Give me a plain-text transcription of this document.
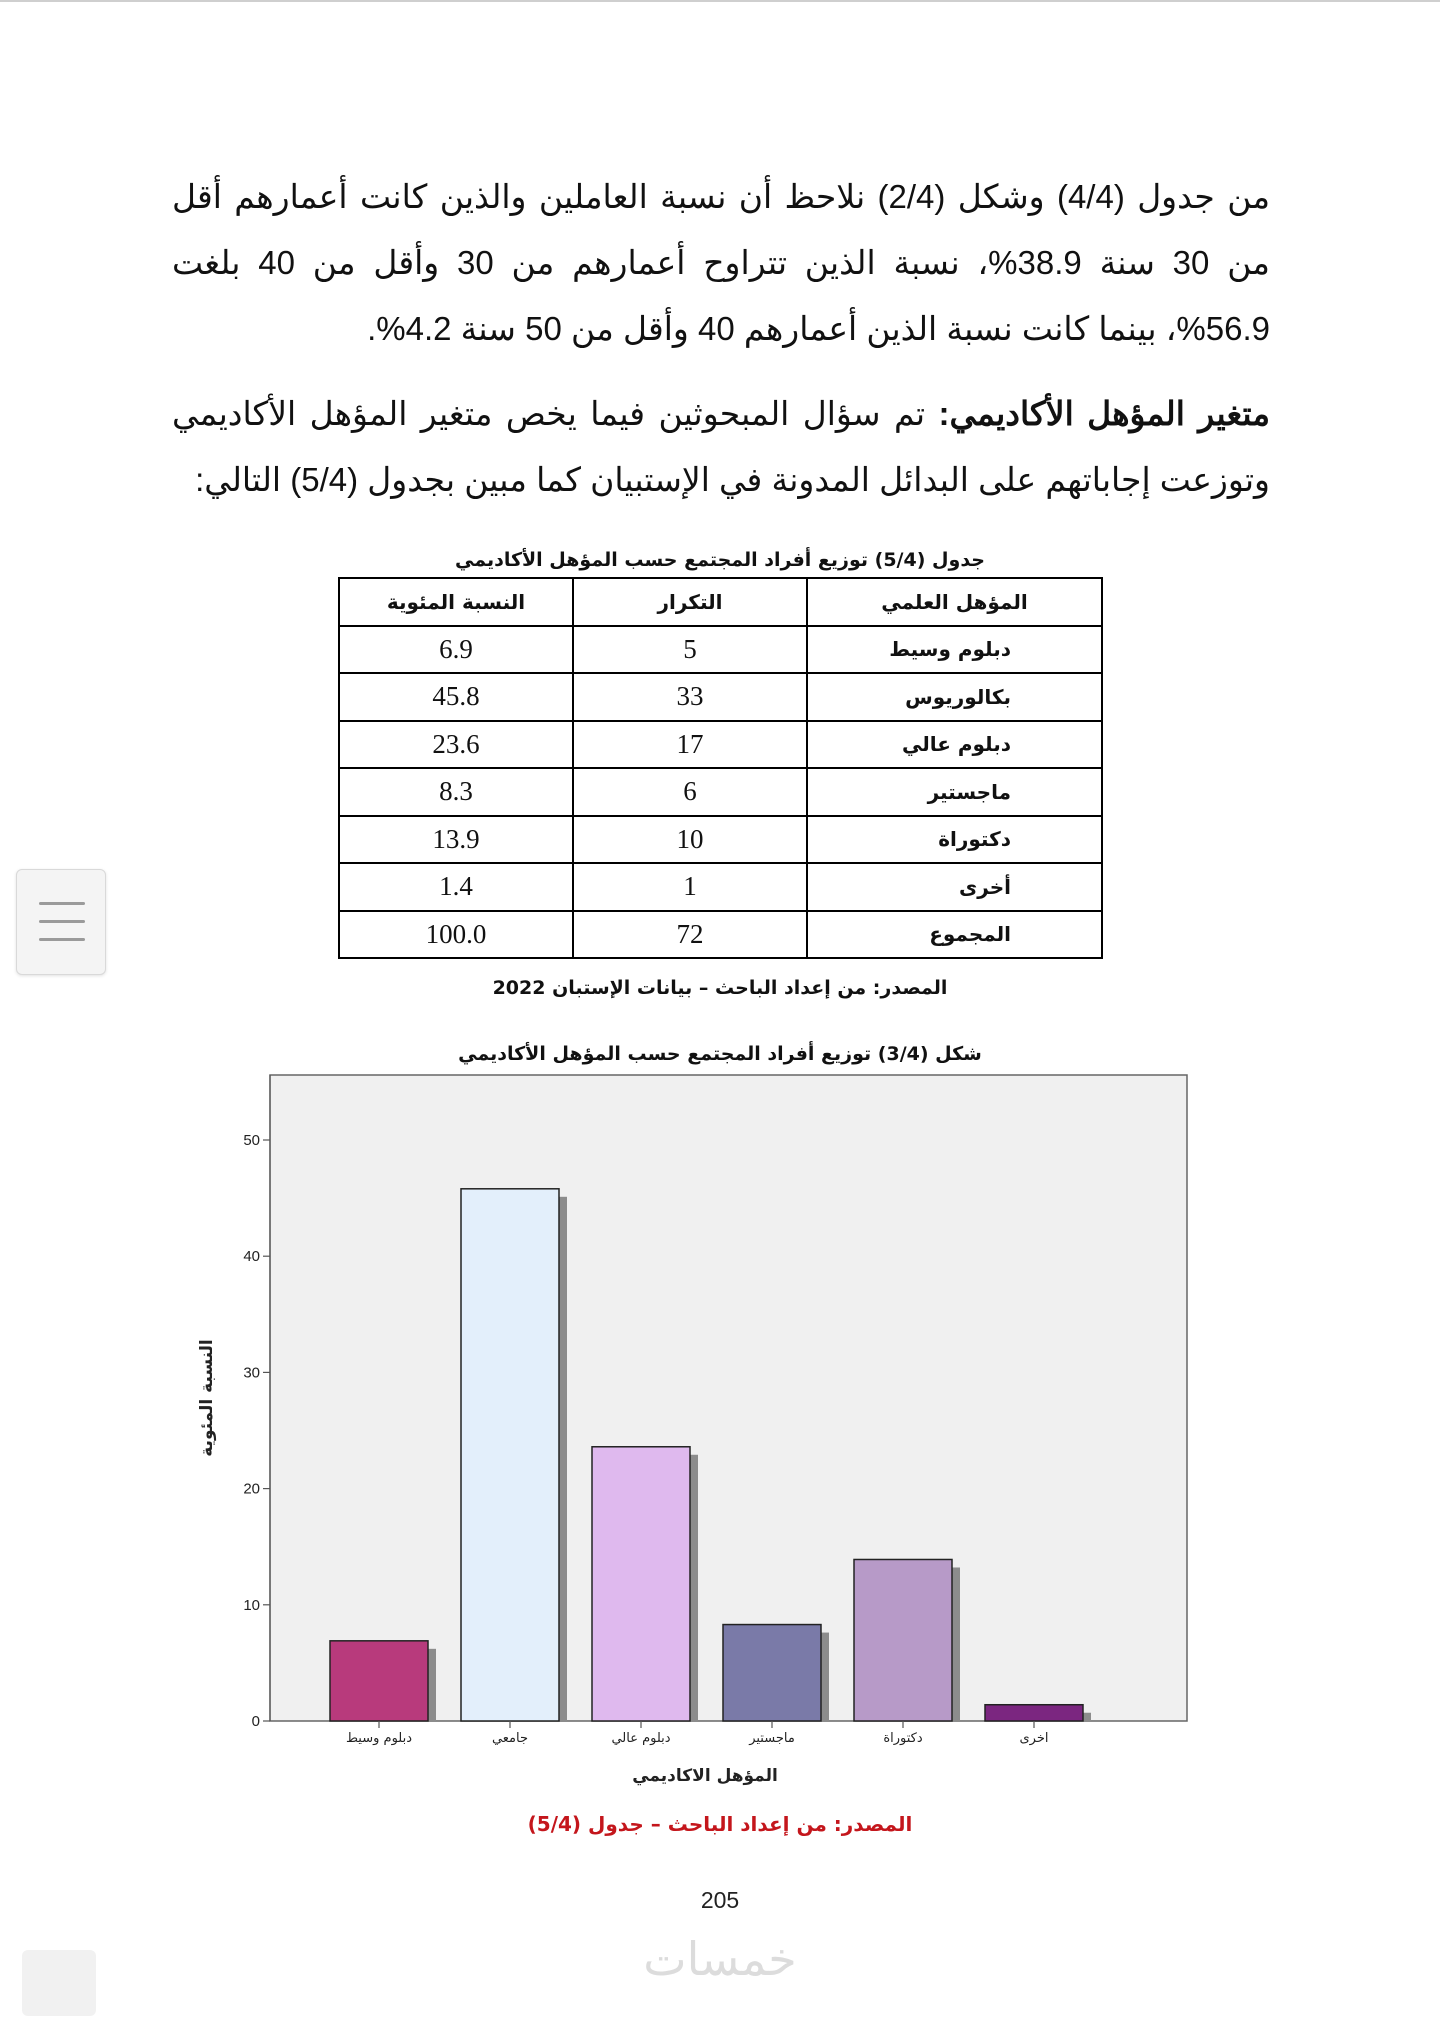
من جدول (4/4) وشكل (2/4) نلاحظ أن نسبة العاملين والذين كانت أعمارهم أقل من 30 سنة 38.9%، نسبة الذين تتراوح أعمارهم من 30 وأقل من 40 بلغت 56.9%، بينما كانت نسبة الذين أعمارهم 40 وأقل من 50 سنة 4.2%.

متغير المؤهل الأكاديمي: تم سؤال المبحوثين فيما يخص متغير المؤهل الأكاديمي وتوزعت إجاباتهم على البدائل المدونة في الإستبيان كما مبين بجدول (5/4) التالي:

جدول (5/4) توزيع أفراد المجتمع حسب المؤهل الأكاديمي
المؤهل العلمي	التكرار	النسبة المئوية
دبلوم وسيط	5	6.9
بكالوريوس	33	45.8
دبلوم عالي	17	23.6
ماجستير	6	8.3
دكتوراة	10	13.9
أخرى	1	1.4
المجموع	72	100.0
المصدر: من إعداد الباحث – بيانات الإستبان 2022
شكل (3/4) توزيع أفراد المجتمع حسب المؤهل الأكاديمي
0
10
20
30
40
50
النسبة المئوية
دبلوم وسيط	جامعي	دبلوم عالي	ماجستير	دكتوراة	اخرى
المؤهل الاكاديمي
المصدر: من إعداد الباحث – جدول (5/4)
205
خمسات
